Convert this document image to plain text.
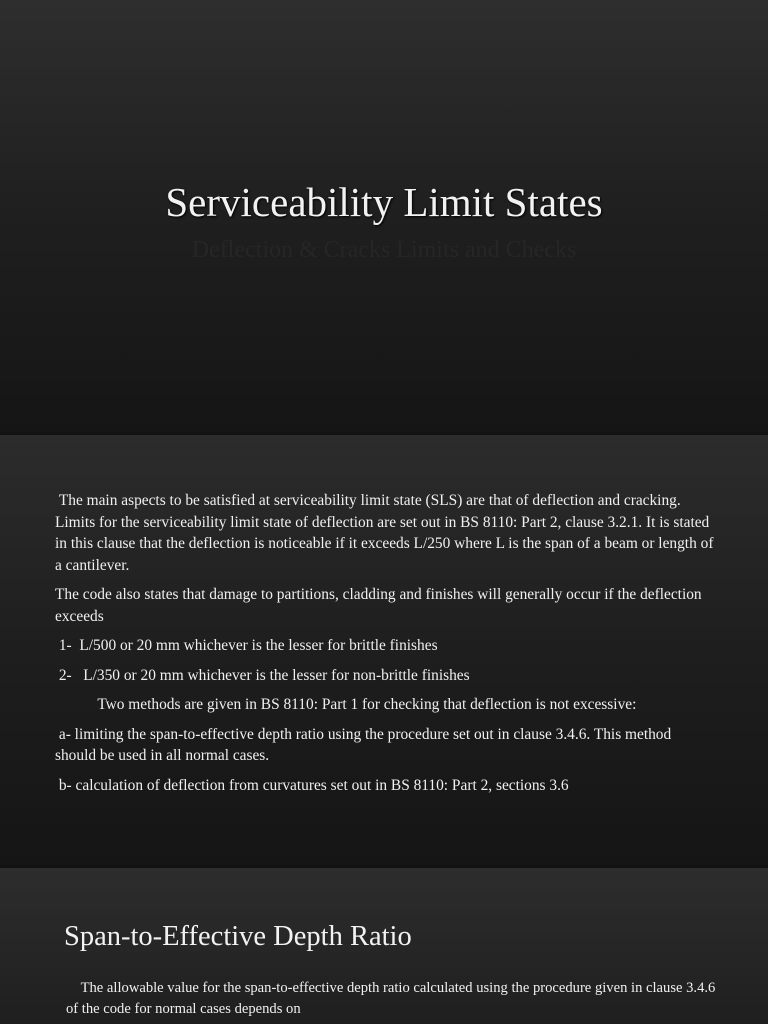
Serviceability Limit States
Deflection & Cracks Limits and Checks

The main aspects to be satisfied at serviceability limit state (SLS) are that of deflection and cracking. Limits for the serviceability limit state of deflection are set out in BS 8110: Part 2, clause 3.2.1. It is stated in this clause that the deflection is noticeable if it exceeds L/250 where L is the span of a beam or length of a cantilever.

The code also states that damage to partitions, cladding and finishes will generally occur if the deflection exceeds

1-  L/500 or 20 mm whichever is the lesser for brittle finishes

2-   L/350 or 20 mm whichever is the lesser for non-brittle finishes

Two methods are given in BS 8110: Part 1 for checking that deflection is not excessive:

a- limiting the span-to-effective depth ratio using the procedure set out in clause 3.4.6. This method should be used in all normal cases.

b- calculation of deflection from curvatures set out in BS 8110: Part 2, sections 3.6

Span-to-Effective Depth Ratio
The allowable value for the span-to-effective depth ratio calculated using the procedure given in clause 3.4.6 of the code for normal cases depends on
